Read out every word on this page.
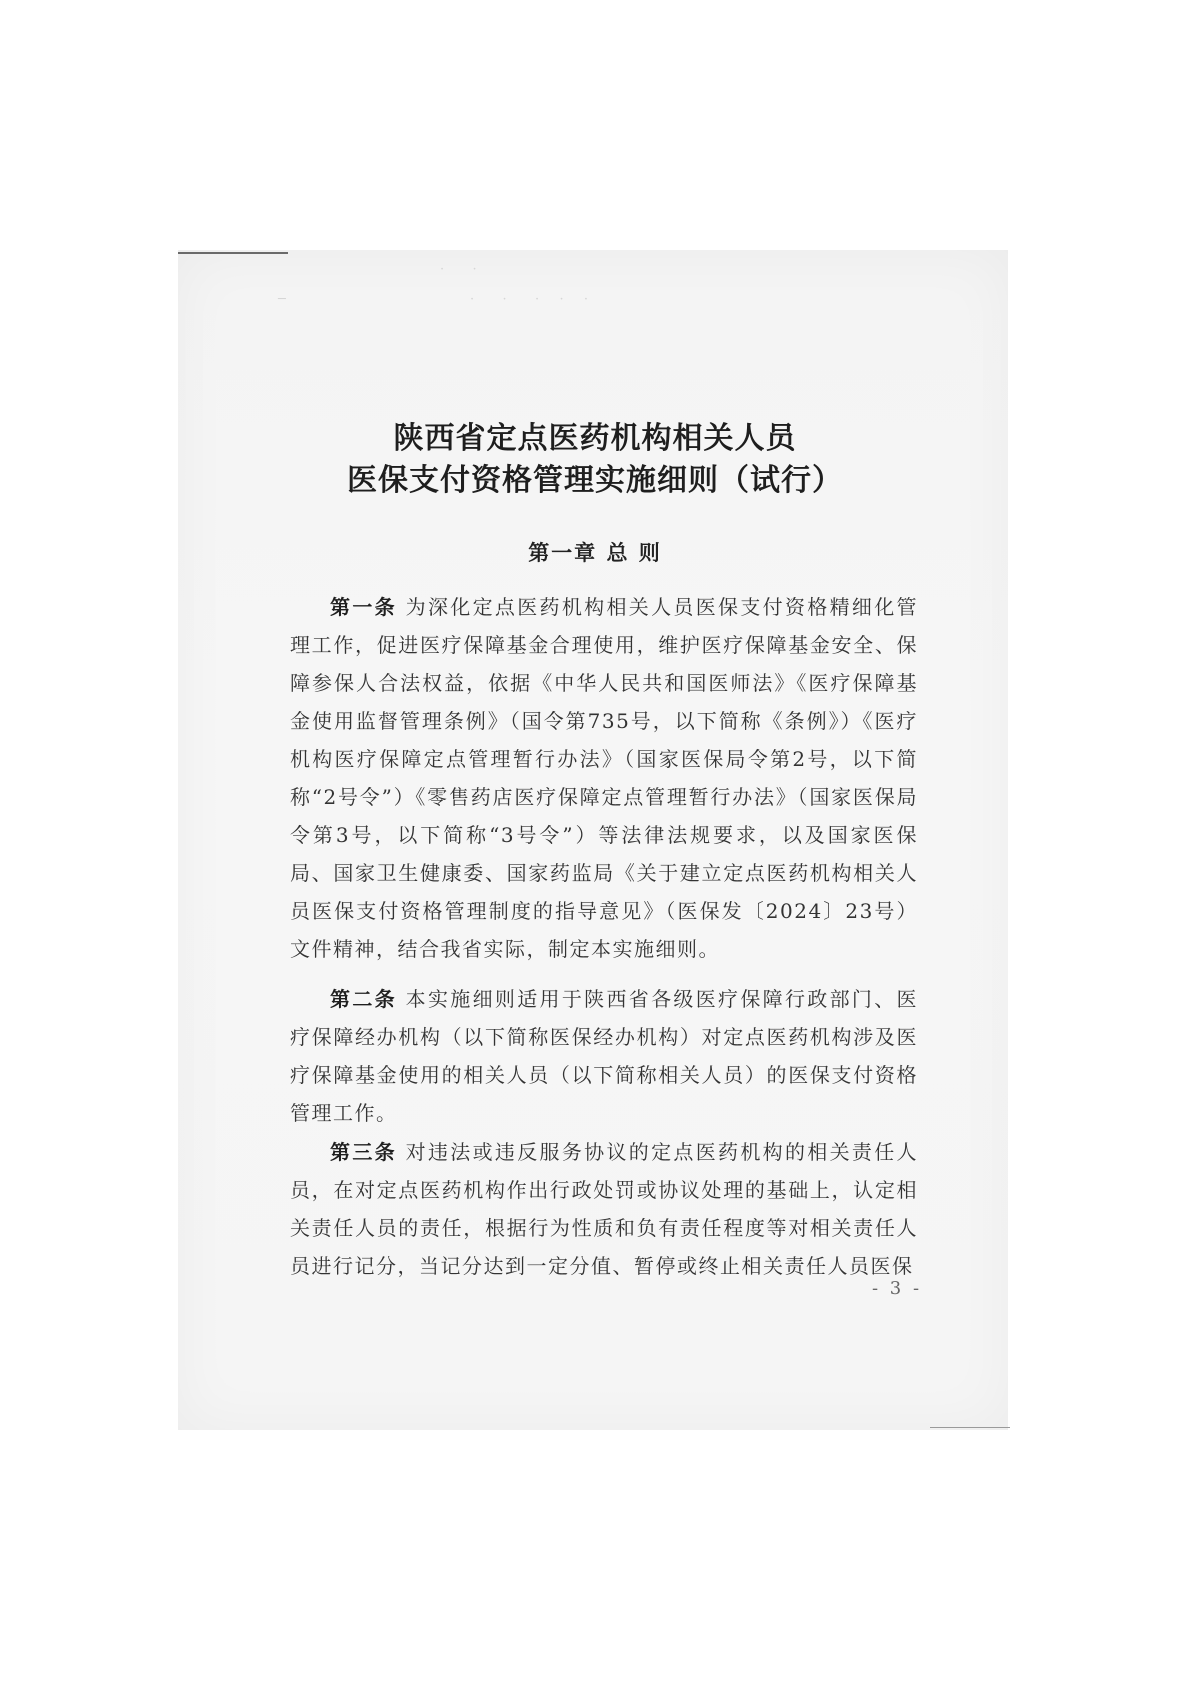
·   ·
─	·   ·   ·  ·  ·
陕西省定点医药机构相关人员
医保支付资格管理实施细则（试行）
第一章 总 则
第一条 为深化定点医药机构相关人员医保支付资格精细化管理工作，促进医疗保障基金合理使用，维护医疗保障基金安全、保障参保人合法权益，依据《中华人民共和国医师法》《医疗保障基金使用监督管理条例》（国令第735号，以下简称《条例》）《医疗机构医疗保障定点管理暂行办法》（国家医保局令第2号，以下简称“2号令”）《零售药店医疗保障定点管理暂行办法》（国家医保局令第3号，以下简称“3号令”）等法律法规要求，以及国家医保局、国家卫生健康委、国家药监局《关于建立定点医药机构相关人员医保支付资格管理制度的指导意见》（医保发〔2024〕23号）文件精神，结合我省实际，制定本实施细则。
第二条 本实施细则适用于陕西省各级医疗保障行政部门、医疗保障经办机构（以下简称医保经办机构）对定点医药机构涉及医疗保障基金使用的相关人员（以下简称相关人员）的医保支付资格管理工作。
第三条 对违法或违反服务协议的定点医药机构的相关责任人员，在对定点医药机构作出行政处罚或协议处理的基础上，认定相关责任人员的责任，根据行为性质和负有责任程度等对相关责任人员进行记分，当记分达到一定分值、暂停或终止相关责任人员医保
- 3 -
